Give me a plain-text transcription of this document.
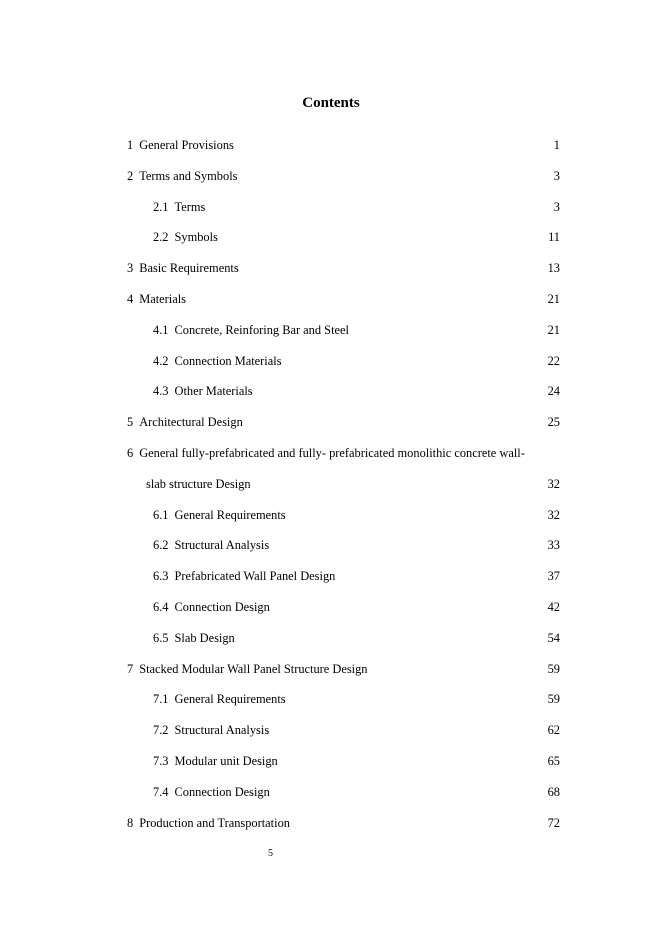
Contents
1 General Provisions	1
2 Terms and Symbols	3
2.1 Terms	3
2.2 Symbols	11
3 Basic Requirements	13
4 Materials	21
4.1 Concrete, Reinforing Bar and Steel	21
4.2 Connection Materials	22
4.3 Other Materials	24
5 Architectural Design	25
6 General fully-prefabricated and fully- prefabricated monolithic concrete wall-
slab structure Design	32
6.1 General Requirements	32
6.2 Structural Analysis	33
6.3 Prefabricated Wall Panel Design	37
6.4 Connection Design	42
6.5 Slab Design	54
7 Stacked Modular Wall Panel Structure Design	59
7.1 General Requirements	59
7.2 Structural Analysis	62
7.3 Modular unit Design	65
7.4 Connection Design	68
8 Production and Transportation	72
5
